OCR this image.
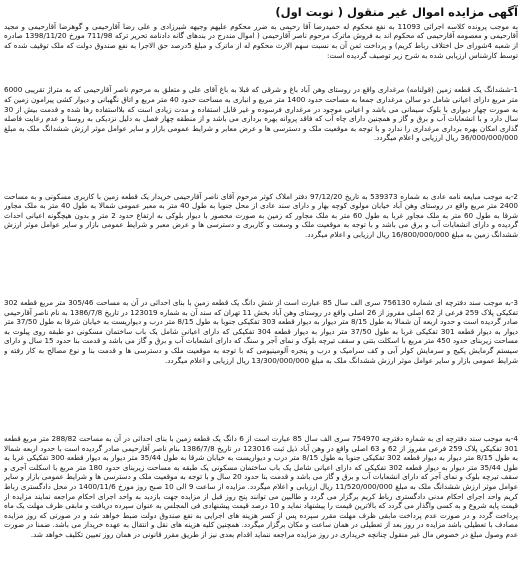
آگهی مزایده اموال غیر منقول ( نوبت اول)

به موجب پرونده کلاسه اجرائی 11093 به نفع محکوم له حمیدرضا آقا رحیمی به ضرر محکوم علیهم وجیهه شیرزادی و علی رضا آقارحیمی و گوهرضا آقارحیمی و مجید آقارحیمی و معصومه آقارحیمی که محکوم اند به فروش ماترک مرحوم ناصر آقارحیمی ( اموال مندرج در بندهای گانه دادنامه تحریر ترکه 711/98 مورخ 1398/11/20 صادره از شعبه 4شورای حل اختلاف رباط کریم) و پرداخت ثمن آن به نسبت سهم الارث محکوم له از ماترک و مبلغ 5درصد حق الاجرا به نفع صندوق دولت که ملک توقیف شده که توسط کارشناس ارزیابی شده به شرح زیر توصیف گردیده است:

1-ششدانگ یک قطعه زمین (قولنامه) مرغداری واقع در روستای وهن آباد باغ و شرقی که قبلا به باغ آقای علی و متعلق به مرحوم ناصر آقارحیمی که به متراژ تقریبی 6000 متر مربع دارای اعیانی شامل دو سالن مرغداری جمعا به مساحت حدود 1400 متر مربع و انباری به مساحت حدود 40 متر مربع و اتاق نگهبانی و دیوار کشی پیرامون زمین که به صورت چهار دیواری با بلوک سیمانی می باشد و اعیانی موجود در مرغداری فرسوده و غیر قابل استفاده و مدت زیادی است که بلااستفاده رها شده و قدمت بیش از 30 سال دارد و با انشعابات آب و برق و گاز و همچنین دارای چاه آب که فاقد پروانه بهره برداری می باشد و از منطقه چهار فصل به دلیل نزدیکی به روستا و عدم رعایت فاصله گذاری امکان بهره برداری مرغداری را ندارد و با توجه به موقعیت ملک و دسترسی ها و عرض معابر و شرایط عمومی بازار و سایر عوامل موثر ارزش ششدانگ ملک به مبلغ 36/000/000/000 ریال ارزیابی و اعلام میگردد.

2-به موجب مبایعه نامه عادی به شماره 539373 به تاریخ 97/12/20 دفتر املاک کوثر مرحوم آقای ناصر آقارحیمی خریدار یک قطعه زمین با کاربری مسکونی و به مساحت 2400 متر مربع واقع در روستای وهن آباد خیابان مولوی کوچه بهار و دارای سند عادی از محل جنوبا به طول 40 متر به معبر عمومی شمالا به طول 40 متر به ملک مجاور شرقا به طول 60 متر به ملک مجاور غربا به طول 60 متر به ملک مجاور که زمین به صورت محصور با دیوار بلوکی به ارتفاع حدود 2 متر و بدون هیچگونه اعیانی احداث گردیده و دارای انشعابات آب و برق می باشد و با توجه به موقعیت ملک و وسعت و کاربری و دسترسی ها و عرض معبر و شرایط عمومی بازار و سایر عوامل موثر ارزش ششدانگ زمین به مبلغ 16/800/000/000 ریال ارزیابی و اعلام میگردد.

3-به موجب سند دفترچه ای شماره 756130 سری الف سال 85 عبارت است از شش دانگ یک قطعه زمین با بنای احداثی در آن به مساحت 305/46 متر مربع قطعه 302 تفکیکی پلاک 259 فرعی از 62 اصلی مفروز از 26 اصلی واقع در روستای وهن آباد بخش 11 تهران که سند آن به شماره 123019 در تاریخ 1386/7/8 به نام ناصر آقارحیمی صادر گردیده است و حدود اربعه آن شمالا به طول 8/15 متر دیوار به دیوار قطعه 303 تفکیکی جنوبا به طول 8/15 متر درب و دیواریست به خیابان شرقا به طول 37/50 متر دیوار به دیوار قطعه 301 تفکیکی غربا به طول 37/50 متر دیوار به دیوار قطعه 304 تفکیکی که دارای اعیانی شامل یک باب ساختمان مسکونی دو طبقه روی پیلوت به مساحت زیربنای حدود 450 متر مربع با اسکلت بتنی و سقف تیرچه بلوک و نمای آجر و سنگ که دارای انشعابات آب و برق و گاز می باشد و قدمت بنا حدود 15 سال و دارای سیستم گرمایش پکیج و سرمایش کولر آبی و کف سرامیک و درب و پنجره آلومینیومی که با توجه به موقعیت ملک و دسترسی ها و قدمت بنا و نوع مصالح به کار رفته و شرایط عمومی بازار و سایر عوامل موثر ارزش ششدانگ ملک به مبلغ 13/300/000/000 ریال ارزیابی و اعلام میگردد.

4-به موجب سند دفترچه ای به شماره دفترچه 754970 سری الف سال 85 عبارت است از 6 دانگ یک قطعه زمین با بنای احداثی در آن به مساحت 288/82 متر مربع قطعه 301 تفکیکی پلاک 259 فرعی مفروز از 62 و 63 اصلی واقع در وهن آباد ذیل ثبت 123016 در تاریخ 1386/7/8 بنام ناصر آقارحیمی صادر گردیده است با حدود اربعه شمالا به طول 8/15 متر دیوار به دیوار قطعه 302 تفکیکی جنوبا به طول 8/15 متر درب و دیواریست به خیابان شرقا به طول 35/44 متر دیوار به دیوار قطعه 300 تفکیکی غربا به طول 35/44 متر دیوار به دیوار قطعه 302 تفکیکی که دارای اعیانی شامل یک باب ساختمان مسکونی یک طبقه به مساحت زیربنای حدود 180 متر مربع با اسکلت آجری و سقف تیرچه بلوک و نمای آجر که دارای انشعابات آب و برق و گاز می باشد و قدمت بنا حدود 20 سال و با توجه به موقعیت ملک و دسترسی ها و شرایط عمومی بازار و سایر عوامل موثر ارزش ششدانگ ملک به مبلغ 11/520/000/000 ریال ارزیابی و اعلام میگردد. مزایده از ساعت 9 الی 10 صبح روز مورخ 1400/11/6 در محل دادگستری رباط کریم واحد اجرای احکام مدنی دادگستری رباط کریم برگزار می گردد و طالبین می توانند پنج روز قبل از مزایده جهت بازدید به واحد اجرای احکام مراجعه نمایند مزایده از قیمت پایه شروع و به کسی واگذار می گردد که بالاترین قیمت را پیشنهاد نماید و 10 درصد قیمت پیشنهادی فی المجلس به عنوان سپرده دریافت و مابقی ظرف مهلت یک ماه پرداخت گردد و در صورت عدم پرداخت مابقی ظرف مهلت مقرر سپرده پس از کسر هزینه های اجرایی به نفع صندوق دولت ضبط خواهد شد و در صورتی که روز مزایده مصادف با تعطیلی باشد مزایده در روز بعد از تعطیلی در همان ساعت و مکان برگزار میگردد. همچنین کلیه هزینه های نقل و انتقال به عهده خریدار می باشد. ضمنا در صورت عدم وصول مبلغ در خصوص مال غیر منقول چنانچه خریداری در روز مزایده مراجعه ننماید اقدام بعدی نیز از طریق مقرر قانونی در همان روز تعیین تکلیف خواهد شد.
